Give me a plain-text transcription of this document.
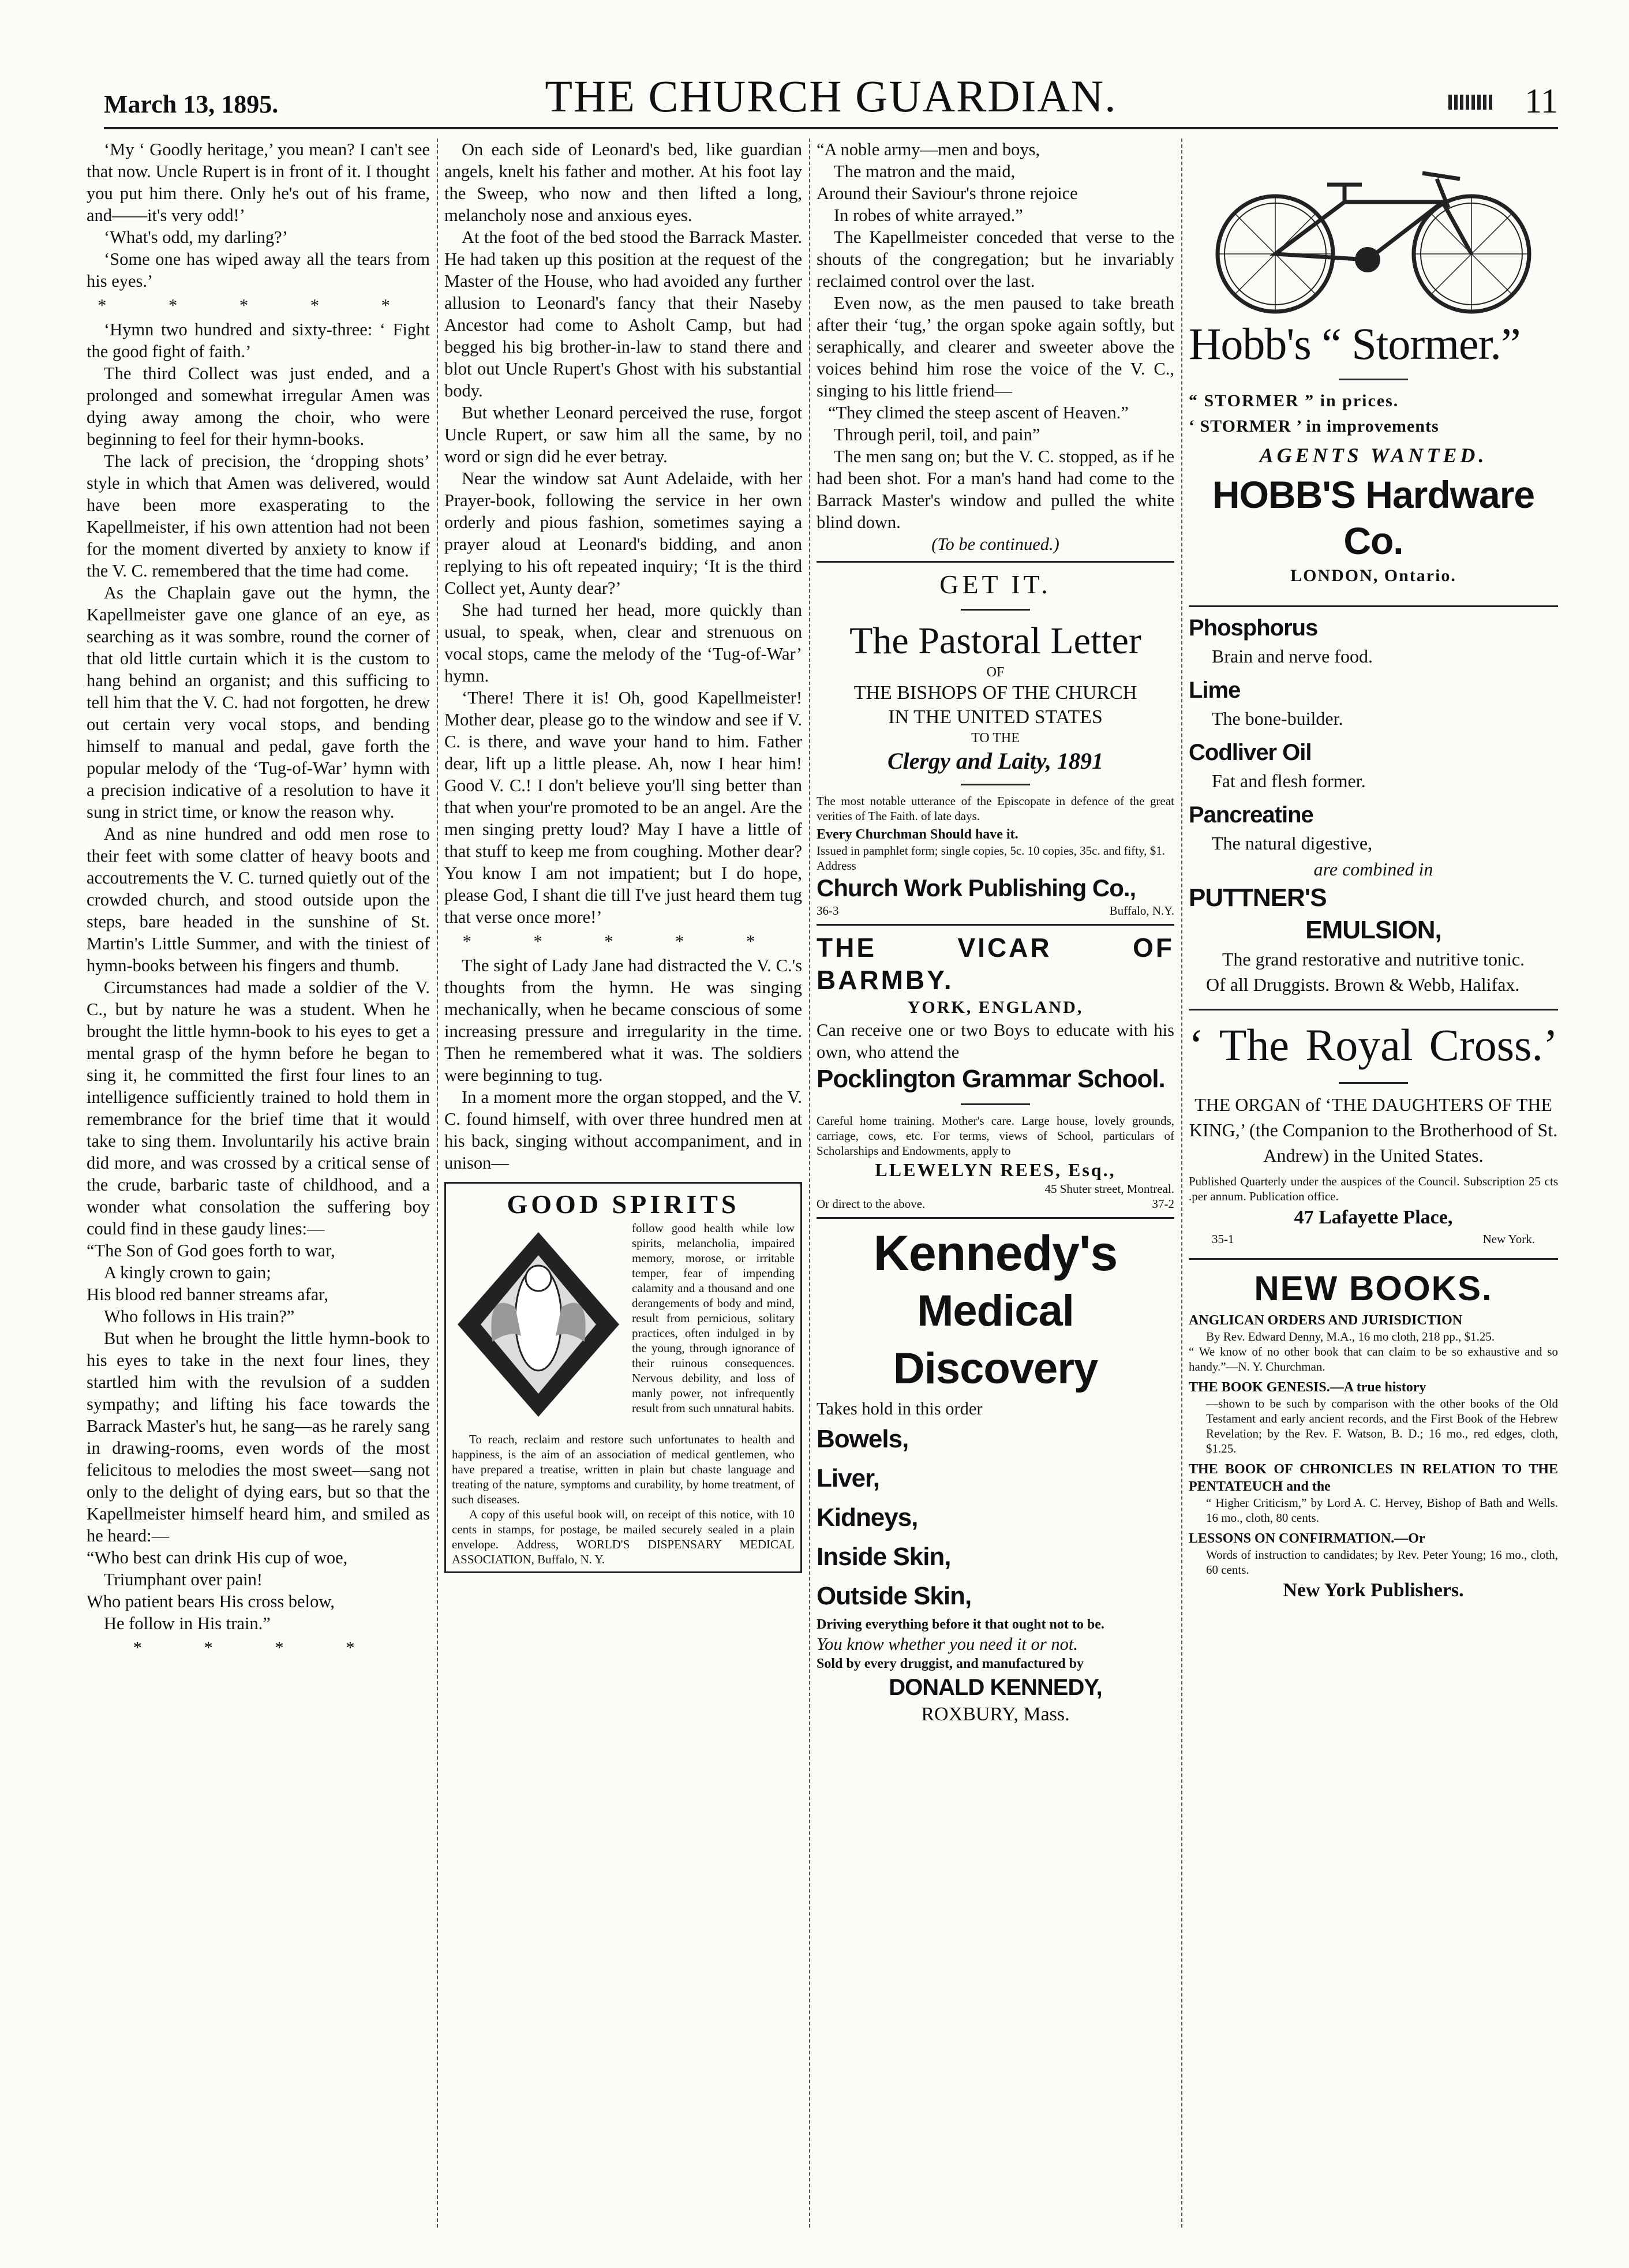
March 13, 1895.	THE CHURCH GUARDIAN.	11

‘My ‘ Goodly heritage,’ you mean? I can't see that now. Uncle Rupert is in front of it. I thought you put him there. Only he's out of his frame, and——it's very odd!’

‘What's odd, my darling?’

‘Some one has wiped away all the tears from his eyes.’

* * * * *

‘Hymn two hundred and sixty-three: ‘ Fight the good fight of faith.’

The third Collect was just ended, and a prolonged and somewhat irregular Amen was dying away among the choir, who were beginning to feel for their hymn-books.

The lack of precision, the ‘dropping shots’ style in which that Amen was delivered, would have been more exasperating to the Kapellmeister, if his own attention had not been for the moment diverted by anxiety to know if the V. C. remembered that the time had come.

As the Chaplain gave out the hymn, the Kapellmeister gave one glance of an eye, as searching as it was sombre, round the corner of that old little curtain which it is the custom to hang behind an organist; and this sufficing to tell him that the V. C. had not forgotten, he drew out certain very vocal stops, and bending himself to manual and pedal, gave forth the popular melody of the ‘Tug-of-War’ hymn with a precision indicative of a resolution to have it sung in strict time, or know the reason why.

And as nine hundred and odd men rose to their feet with some clatter of heavy boots and accoutrements the V. C. turned quietly out of the crowded church, and stood outside upon the steps, bare headed in the sunshine of St. Martin's Little Summer, and with the tiniest of hymn-books between his fingers and thumb.

Circumstances had made a soldier of the V. C., but by nature he was a student. When he brought the little hymn-book to his eyes to get a mental grasp of the hymn before he began to sing it, he committed the first four lines to an intelligence sufficiently trained to hold them in remembrance for the brief time that it would take to sing them. Involuntarily his active brain did more, and was crossed by a critical sense of the crude, barbaric taste of childhood, and a wonder what consolation the suffering boy could find in these gaudy lines:—

“The Son of God goes forth to war,

A kingly crown to gain;

His blood red banner streams afar,

Who follows in His train?”

But when he brought the little hymn-book to his eyes to take in the next four lines, they startled him with the revulsion of a sudden sympathy; and lifting his face towards the Barrack Master's hut, he sang—as he rarely sang in drawing-rooms, even words of the most felicitous to melodies the most sweet—sang not only to the delight of dying ears, but so that the Kapellmeister himself heard him, and smiled as he heard:—

“Who best can drink His cup of woe,

Triumphant over pain!

Who patient bears His cross below,

He follow in His train.”

* * * *

On each side of Leonard's bed, like guardian angels, knelt his father and mother. At his foot lay the Sweep, who now and then lifted a long, melancholy nose and anxious eyes.

At the foot of the bed stood the Barrack Master. He had taken up this position at the request of the Master of the House, who had avoided any further allusion to Leonard's fancy that their Naseby Ancestor had come to Asholt Camp, but had begged his big brother-in-law to stand there and blot out Uncle Rupert's Ghost with his substantial body.

But whether Leonard perceived the ruse, forgot Uncle Rupert, or saw him all the same, by no word or sign did he ever betray.

Near the window sat Aunt Adelaide, with her Prayer-book, following the service in her own orderly and pious fashion, sometimes saying a prayer aloud at Leonard's bidding, and anon replying to his oft repeated inquiry; ‘It is the third Collect yet, Aunty dear?’

She had turned her head, more quickly than usual, to speak, when, clear and strenuous on vocal stops, came the melody of the ‘Tug-of-War’ hymn.

‘There! There it is! Oh, good Kapellmeister! Mother dear, please go to the window and see if V. C. is there, and wave your hand to him. Father dear, lift up a little please. Ah, now I hear him! Good V. C.! I don't believe you'll sing better than that when your're promoted to be an angel. Are the men singing pretty loud? May I have a little of that stuff to keep me from coughing. Mother dear? You know I am not impatient; but I do hope, please God, I shant die till I've just heard them tug that verse once more!’

* * * * *

The sight of Lady Jane had distracted the V. C.'s thoughts from the hymn. He was singing mechanically, when he became conscious of some increasing pressure and irregularity in the time. Then he remembered what it was. The soldiers were beginning to tug.

In a moment more the organ stopped, and the V. C. found himself, with over three hundred men at his back, singing without accompaniment, and in unison—

GOOD SPIRITS

follow good health while low spirits, melancholia, impaired memory, morose, or irritable temper, fear of impending calamity and a thousand and one derangements of body and mind, result from pernicious, solitary practices, often indulged in by the young, through ignorance of their ruinous consequences. Nervous debility, and loss of manly power, not infrequently result from such unnatural habits.

To reach, reclaim and restore such unfortunates to health and happiness, is the aim of an association of medical gentlemen, who have prepared a treatise, written in plain but chaste language and treating of the nature, symptoms and curability, by home treatment, of such diseases.

A copy of this useful book will, on receipt of this notice, with 10 cents in stamps, for postage, be mailed securely sealed in a plain envelope. Address, WORLD'S DISPENSARY MEDICAL ASSOCIATION, Buffalo, N. Y.

“A noble army—men and boys,

The matron and the maid,

Around their Saviour's throne rejoice

In robes of white arrayed.”

The Kapellmeister conceded that verse to the shouts of the congregation; but he invariably reclaimed control over the last.

Even now, as the men paused to take breath after their ‘tug,’ the organ spoke again softly, but seraphically, and clearer and sweeter above the voices behind him rose the voice of the V. C., singing to his little friend—

“They climed the steep ascent of Heaven.”

Through peril, toil, and pain”

The men sang on; but the V. C. stopped, as if he had been shot. For a man's hand had come to the Barrack Master's window and pulled the white blind down.

(To be continued.)

GET IT.
The Pastoral Letter
OF
THE BISHOPS OF THE CHURCH
IN THE UNITED STATES
TO THE
Clergy and Laity, 1891

The most notable utterance of the Episcopate in defence of the great verities of The Faith. of late days.

Every Churchman Should have it.

Issued in pamphlet form; single copies, 5c. 10 copies, 35c. and fifty, $1.

Address

Church Work Publishing Co.,
36-3	Buffalo, N.Y.
THE VICAR OF BARMBY.
YORK, ENGLAND,

Can receive one or two Boys to educate with his own, who attend the

Pocklington Grammar School.

Careful home training. Mother's care. Large house, lovely grounds, carriage, cows, etc. For terms, views of School, particulars of Scholarships and Endowments, apply to

LLEWELYN REES, Esq.,

45 Shuter street, Montreal.

Or direct to the above.	37-2
Kennedy's
Medical Discovery

Takes hold in this order

Bowels,
Liver,
Kidneys,
Inside Skin,
Outside Skin,

Driving everything before it that ought not to be.

You know whether you need it or not.

Sold by every druggist, and manufactured by

DONALD KENNEDY,
ROXBURY, Mass.
Hobb's “ Stormer.”
“ STORMER ” in prices.
‘ STORMER ’ in improvements
AGENTS WANTED.
HOBB'S Hardware Co.
LONDON, Ontario.
Phosphorus
Brain and nerve food.
Lime
The bone-builder.
Codliver Oil
Fat and flesh former.
Pancreatine
The natural digestive,
are combined in
PUTTNER'S
EMULSION,

The grand restorative and nutritive tonic.

Of all Druggists. Brown & Webb, Halifax.

‘ The Royal Cross.’

THE ORGAN of ‘THE DAUGHTERS OF THE KING,’ (the Companion to the Brotherhood of St. Andrew) in the United States.

Published Quarterly under the auspices of the Council. Subscription 25 cts .per annum. Publication office.

47 Lafayette Place,
35-1	New York.
NEW BOOKS.

ANGLICAN ORDERS AND JURISDICTION

By Rev. Edward Denny, M.A., 16 mo cloth, 218 pp., $1.25.

“ We know of no other book that can claim to be so exhaustive and so handy.”—N. Y. Churchman.

THE BOOK GENESIS.—A true history

—shown to be such by comparison with the other books of the Old Testament and early ancient records, and the First Book of the Hebrew Revelation; by the Rev. F. Watson, B. D.; 16 mo., red edges, cloth, $1.25.

THE BOOK OF CHRONICLES IN RELATION TO THE PENTATEUCH and the

“ Higher Criticism,” by Lord A. C. Hervey, Bishop of Bath and Wells. 16 mo., cloth, 80 cents.

LESSONS ON CONFIRMATION.—Or

Words of instruction to candidates; by Rev. Peter Young; 16 mo., cloth, 60 cents.

New York Publishers.
